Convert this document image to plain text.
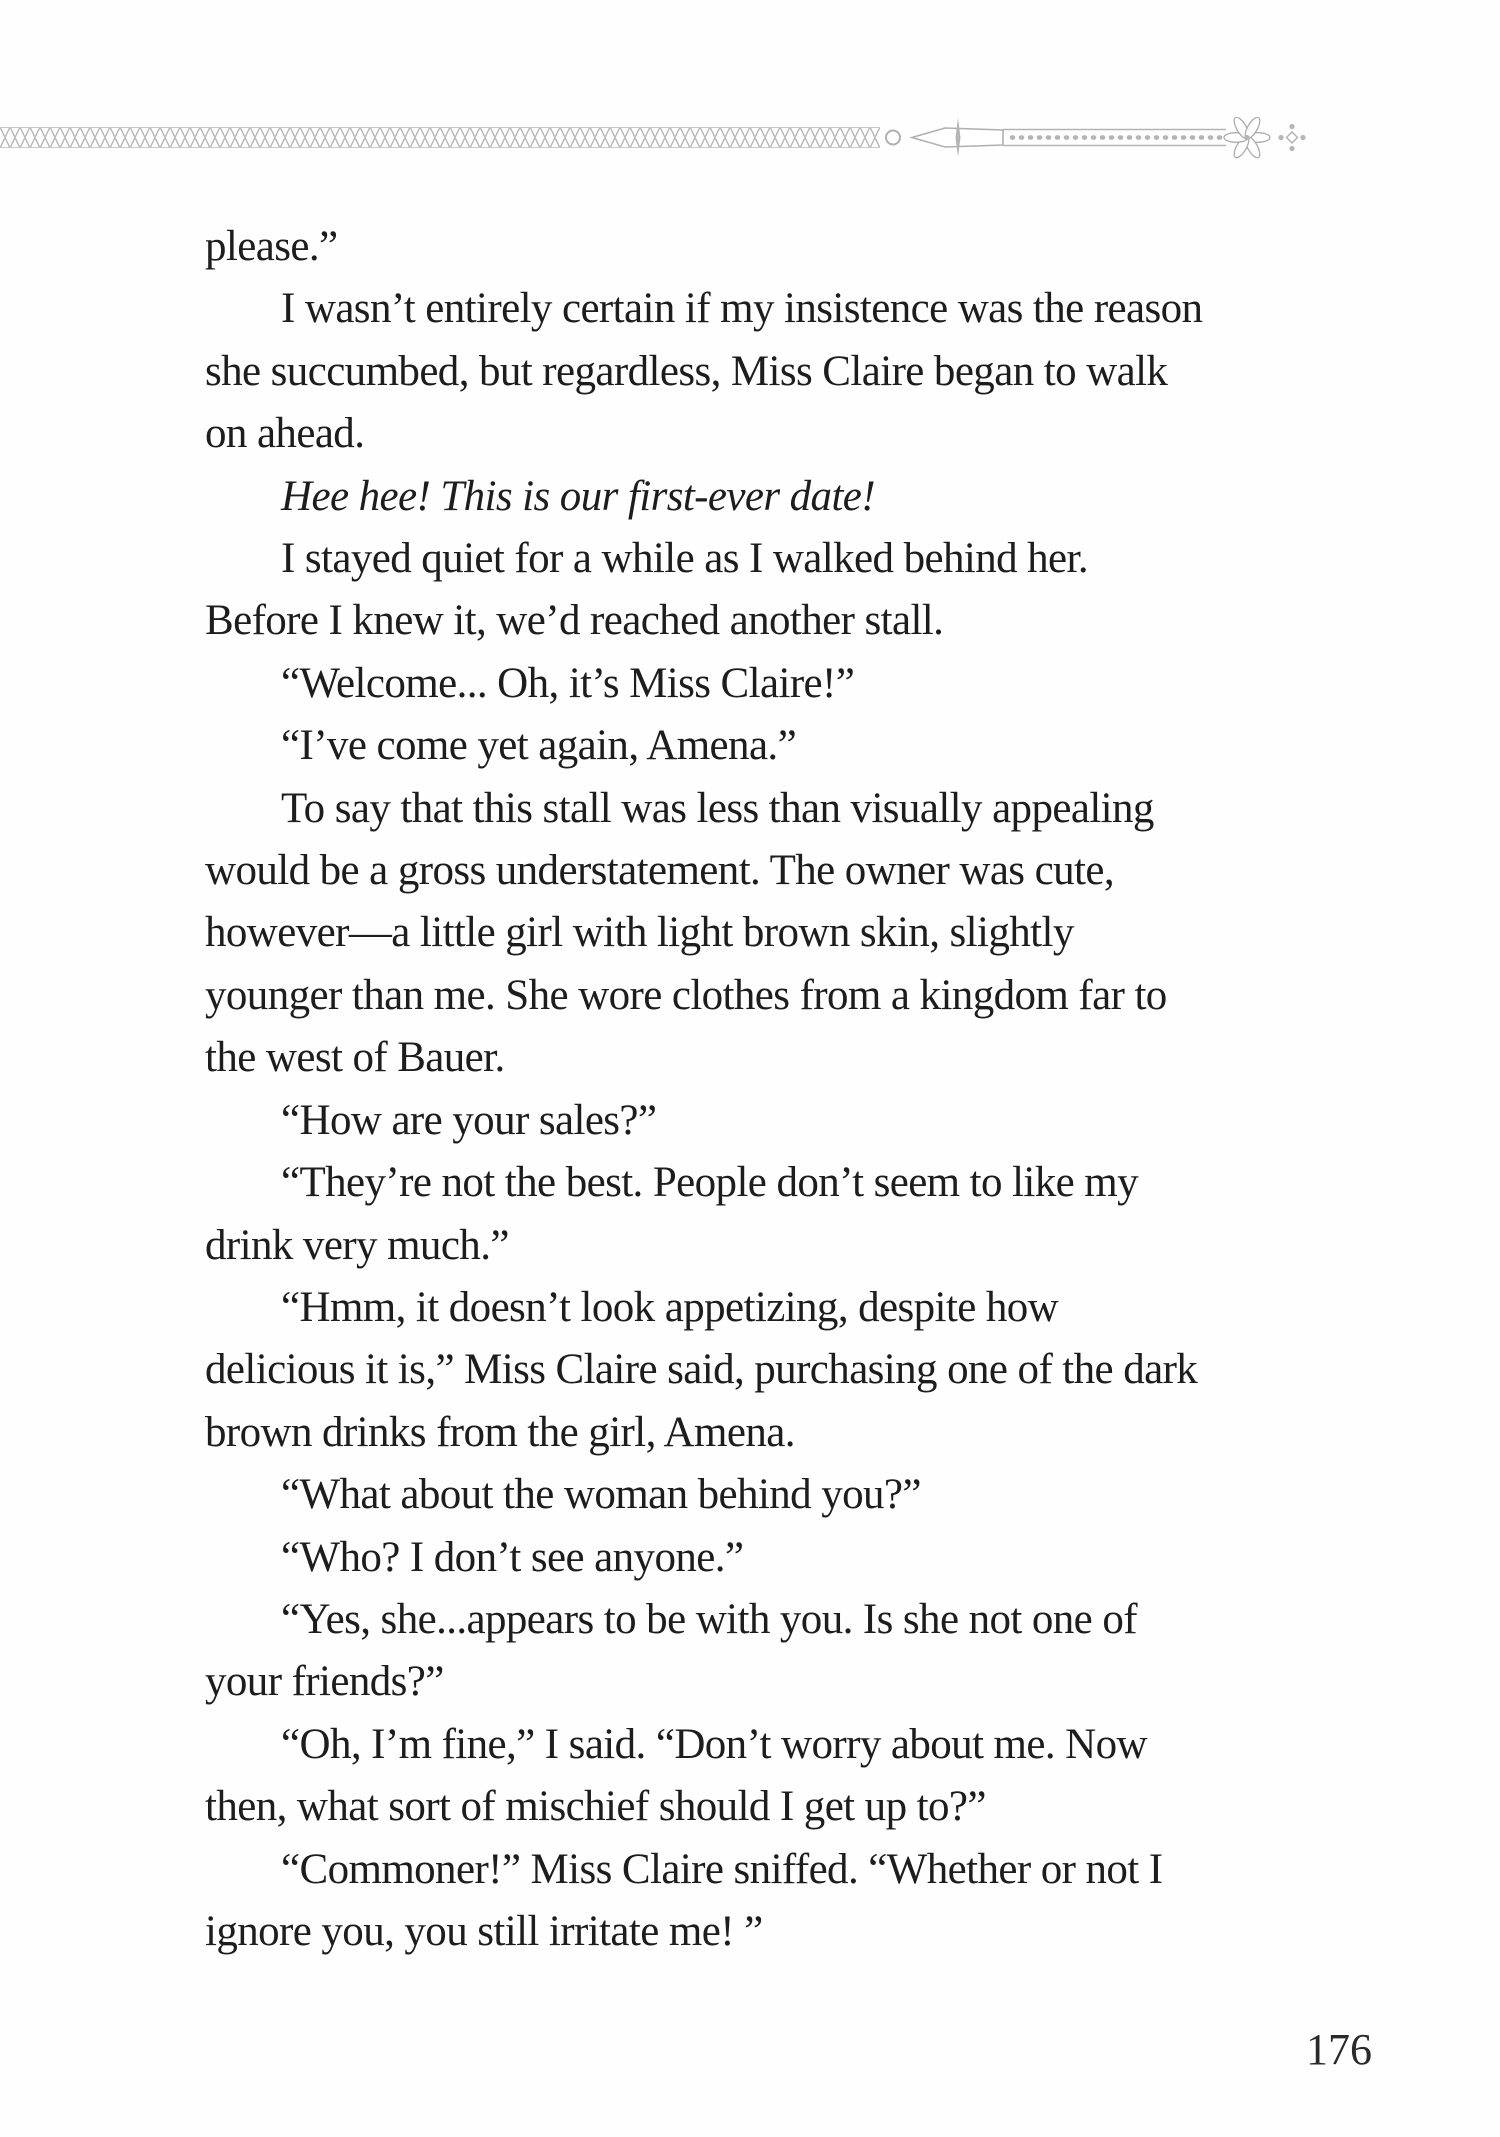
please.”
I wasn’t entirely certain if my insistence was the reason
she succumbed, but regardless, Miss Claire began to walk
on ahead.
Hee hee! This is our first-ever date!
I stayed quiet for a while as I walked behind her.
Before I knew it, we’d reached another stall.
“Welcome... Oh, it’s Miss Claire!”
“I’ve come yet again, Amena.”
To say that this stall was less than visually appealing
would be a gross understatement. The owner was cute,
however—a little girl with light brown skin, slightly
younger than me. She wore clothes from a kingdom far to
the west of Bauer.
“How are your sales?”
“They’re not the best. People don’t seem to like my
drink very much.”
“Hmm, it doesn’t look appetizing, despite how
delicious it is,” Miss Claire said, purchasing one of the dark
brown drinks from the girl, Amena.
“What about the woman behind you?”
“Who? I don’t see anyone.”
“Yes, she...appears to be with you. Is she not one of
your friends?”
“Oh, I’m fine,” I said. “Don’t worry about me. Now
then, what sort of mischief should I get up to?”
“Commoner!” Miss Claire sniffed. “Whether or not I
ignore you, you still irritate me! ”
176
